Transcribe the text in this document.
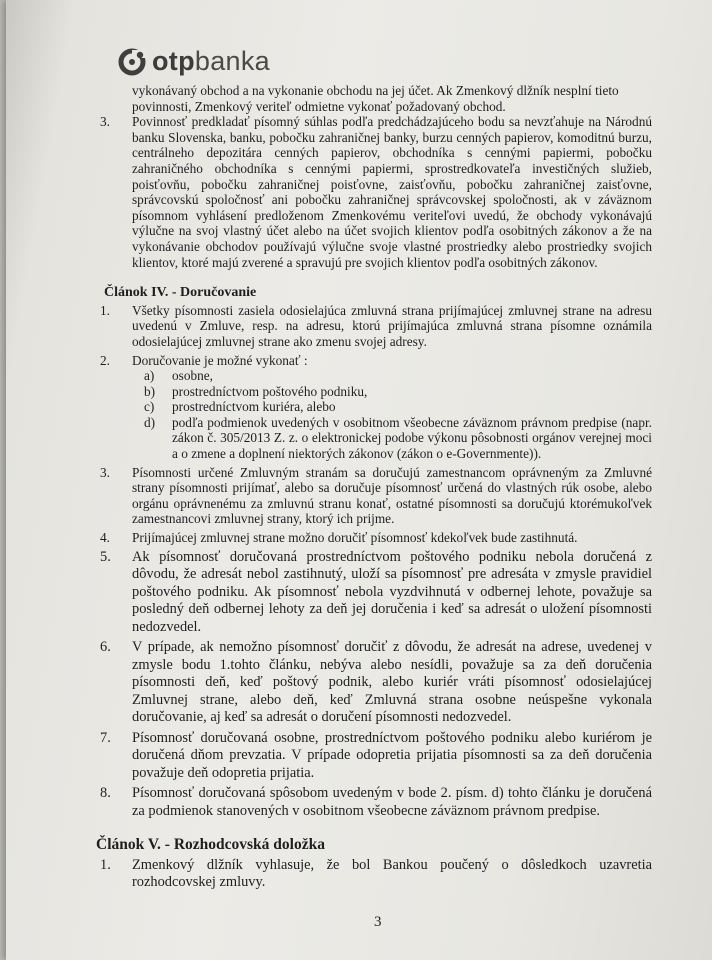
otp banka

vykonávaný obchod a na vykonanie obchodu na jej účet. Ak Zmenkový dlžník nesplní tieto povinnosti, Zmenkový veriteľ odmietne vykonať požadovaný obchod.

3.	Povinnosť predkladať písomný súhlas podľa predchádzajúceho bodu sa nevzťahuje na Národnú banku Slovenska, banku, pobočku zahraničnej banky, burzu cenných papierov, komoditnú burzu, centrálneho depozitára cenných papierov, obchodníka s cennými papiermi, pobočku zahraničného obchodníka s cennými papiermi, sprostredkovateľa investičných služieb, poisťovňu, pobočku zahraničnej poisťovne, zaisťovňu, pobočku zahraničnej zaisťovne, správcovskú spoločnosť ani pobočku zahraničnej správcovskej spoločnosti, ak v záväznom písomnom vyhlásení predloženom Zmenkovému veriteľovi uvedú, že obchody vykonávajú výlučne na svoj vlastný účet alebo na účet svojich klientov podľa osobitných zákonov a že na vykonávanie obchodov používajú výlučne svoje vlastné prostriedky alebo prostriedky svojich klientov, ktoré majú zverené a spravujú pre svojich klientov podľa osobitných zákonov.
Článok IV. - Doručovanie
1.	Všetky písomnosti zasiela odosielajúca zmluvná strana prijímajúcej zmluvnej strane na adresu uvedenú v Zmluve, resp. na adresu, ktorú prijímajúca zmluvná strana písomne oznámila odosielajúcej zmluvnej strane ako zmenu svojej adresy.
2.	Doručovanie je možné vykonať :
a)	osobne,
b)	prostredníctvom poštového podniku,
c)	prostredníctvom kuriéra, alebo
d)	podľa podmienok uvedených v osobitnom všeobecne záväznom právnom predpise (napr. zákon č. 305/2013 Z. z. o elektronickej podobe výkonu pôsobnosti orgánov verejnej moci a o zmene a doplnení niektorých zákonov (zákon o e-Governmente)).
3.	Písomnosti určené Zmluvným stranám sa doručujú zamestnancom oprávneným za Zmluvné strany písomnosti prijímať, alebo sa doručuje písomnosť určená do vlastných rúk osobe, alebo orgánu oprávnenému za zmluvnú stranu konať, ostatné písomnosti sa doručujú ktorémukoľvek zamestnancovi zmluvnej strany, ktorý ich prijme.
4.	Prijímajúcej zmluvnej strane možno doručiť písomnosť kdekoľvek bude zastihnutá.
5.	Ak písomnosť doručovaná prostredníctvom poštového podniku nebola doručená z dôvodu, že adresát nebol zastihnutý, uloží sa písomnosť pre adresáta v zmysle pravidiel poštového podniku. Ak písomnosť nebola vyzdvihnutá v odbernej lehote, považuje sa posledný deň odbernej lehoty za deň jej doručenia i keď sa adresát o uložení písomnosti nedozvedel.
6.	V prípade, ak nemožno písomnosť doručiť z dôvodu, že adresát na adrese, uvedenej v zmysle bodu 1.tohto článku, nebýva alebo nesídli, považuje sa za deň doručenia písomnosti deň, keď poštový podnik, alebo kuriér vráti písomnosť odosielajúcej Zmluvnej strane, alebo deň, keď Zmluvná strana osobne neúspešne vykonala doručovanie, aj keď sa adresát o doručení písomnosti nedozvedel.
7.	Písomnosť doručovaná osobne, prostredníctvom poštového podniku alebo kuriérom je doručená dňom prevzatia. V prípade odopretia prijatia písomnosti sa za deň doručenia považuje deň odopretia prijatia.
8.	Písomnosť doručovaná spôsobom uvedeným v bode 2. písm. d) tohto článku je doručená za podmienok stanovených v osobitnom všeobecne záväznom právnom predpise.
Článok V. - Rozhodcovská doložka
1.	Zmenkový dlžník vyhlasuje, že bol Bankou poučený o dôsledkoch uzavretia rozhodcovskej zmluvy.
3
